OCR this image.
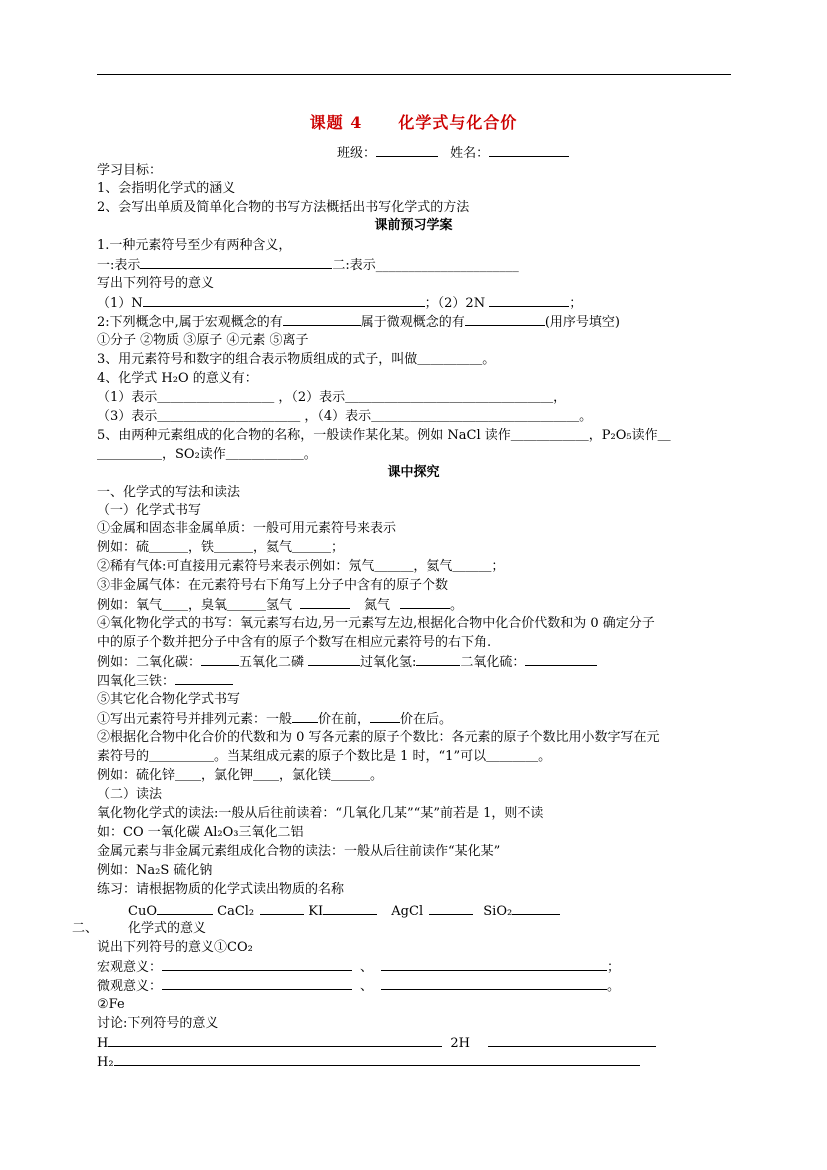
课题 4 化学式与化合价
班级：	姓名：
学习目标：
1、会指明化学式的涵义
2、会写出单质及简单化合物的书写方法概括出书写化学式的方法
课前预习学案
1.一种元素符号至少有两种含义，
一:表示	二:表示______________________
写出下列符号的意义
（1）N	；（2）2N	；
2:下列概念中,属于宏观概念的有	属于微观概念的有	(用序号填空)
①分子 ②物质 ③原子 ④元素 ⑤离子
3、用元素符号和数字的组合表示物质组成的式子，叫做＿＿＿＿＿。
4、化学式 H₂O 的意义有：
（1）表示＿＿＿＿＿＿＿＿＿ ，（2）表示＿＿＿＿＿＿＿＿＿＿＿＿＿＿＿＿，
（3）表示＿＿＿＿＿＿＿＿＿＿＿ ，（4）表示＿＿＿＿＿＿＿＿＿＿＿＿＿＿＿＿。
5、由两种元素组成的化合物的名称，一般读作某化某。例如 NaCl 读作＿＿＿＿＿＿，P₂O₅读作＿
＿＿＿＿＿，SO₂读作＿＿＿＿＿＿。
课中探究
一、化学式的写法和读法
（一）化学式书写
①金属和固态非金属单质：一般可用元素符号来表示
例如：硫＿＿＿，铁＿＿＿，氦气＿＿＿；
②稀有气体:可直接用元素符号来表示例如：氖气＿＿＿，氦气＿＿＿；
③非金属气体：在元素符号右下角写上分子中含有的原子个数
例如：氧气＿＿，臭氧＿＿＿氢气	氮气	。
④氧化物化学式的书写：氧元素写右边,另一元素写左边,根据化合物中化合价代数和为 0 确定分子
中的原子个数并把分子中含有的原子个数写在相应元素符号的右下角.
例如：二氧化碳：	五氧化二磷	过氧化氢:	二氧化硫：
四氧化三铁：
⑤其它化合物化学式书写
①写出元素符号并排列元素：一般 价在前， 价在后。
②根据化合物中化合价的代数和为 0 写各元素的原子个数比：各元素的原子个数比用小数字写在元
素符号的＿＿＿＿＿。当某组成元素的原子个数比是 1 时，“1”可以＿＿＿＿。
例如：硫化锌＿＿，氯化钾＿＿，氯化镁＿＿＿。
（二）读法
氧化物化学式的读法:一般从后往前读着：“几氧化几某”“某”前若是 1，则不读
如：CO 一氧化碳 Al₂O₃三氧化二铝
金属元素与非金属元素组成化合物的读法：一般从后往前读作“某化某”
例如：Na₂S 硫化钠
练习：请根据物质的化学式读出物质的名称
CuO	CaCl₂	KI	AgCl	SiO₂
二、 化学式的意义
说出下列符号的意义①CO₂
宏观意义：	、	；
微观意义：	、	。
②Fe
讨论:下列符号的意义
H	2H
H₂
